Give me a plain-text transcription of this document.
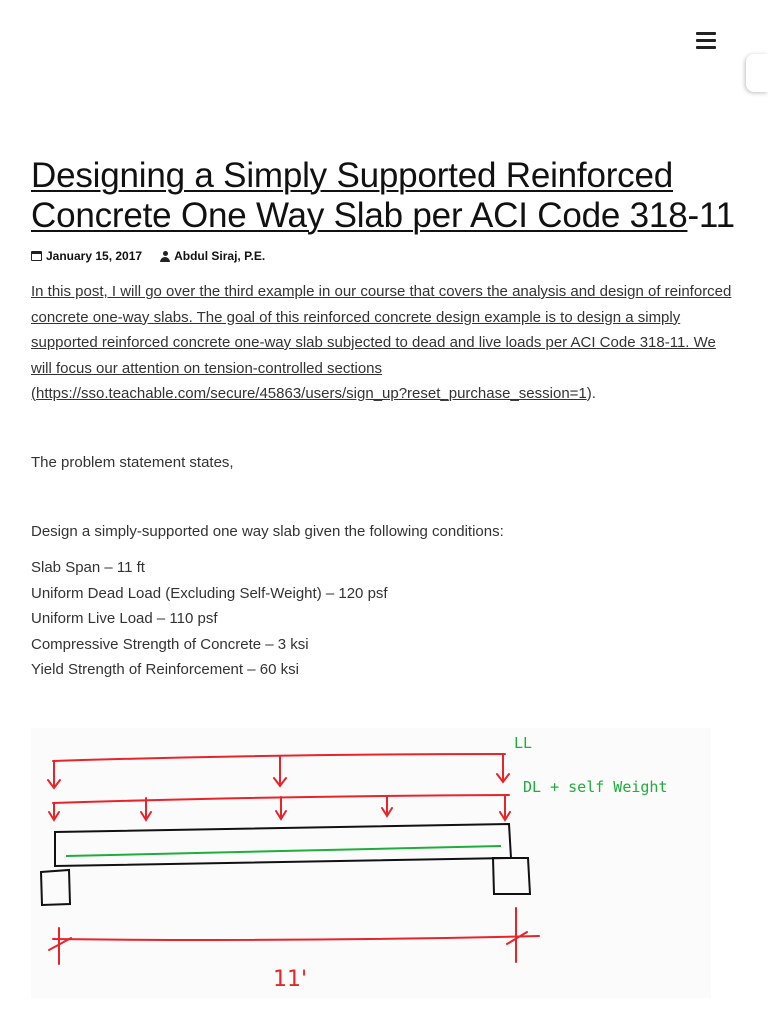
Designing a Simply Supported Reinforced Concrete One Way Slab per ACI Code 318-11
January 15, 2017	Abdul Siraj, P.E.
In this post, I will go over the third example in our course that covers the analysis and design of reinforced concrete one-way slabs. The goal of this reinforced concrete design example is to design a simply supported reinforced concrete one-way slab subjected to dead and live loads per ACI Code 318-11. We will focus our attention on tension-controlled sections (https://sso.teachable.com/secure/45863/users/sign_up?reset_purchase_session=1).

The problem statement states,

Design a simply-supported one way slab given the following conditions:

Slab Span – 11 ft
Uniform Dead Load (Excluding Self-Weight) – 120 psf
Uniform Live Load – 110 psf
Compressive Strength of Concrete – 3 ksi
Yield Strength of Reinforcement – 60 ksi
LL
DL + self Weight
11'
